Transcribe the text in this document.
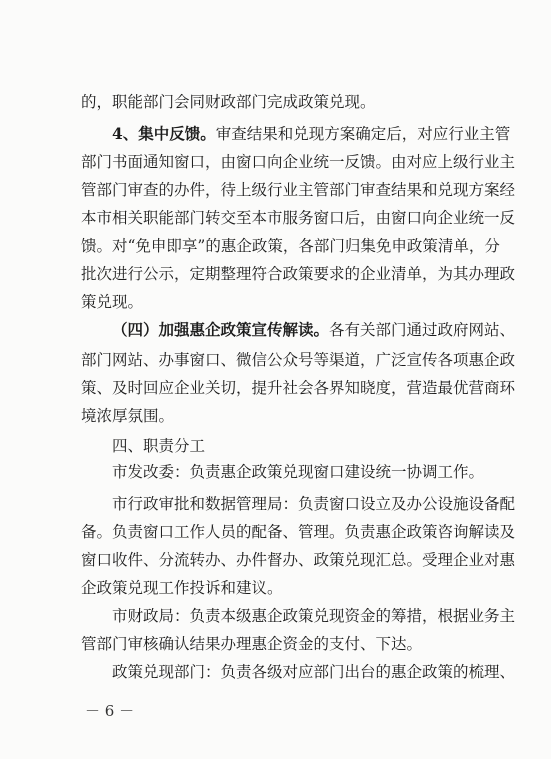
的，职能部门会同财政部门完成政策兑现。
4、集中反馈。审查结果和兑现方案确定后，对应行业主管
部门书面通知窗口，由窗口向企业统一反馈。由对应上级行业主
管部门审查的办件，待上级行业主管部门审查结果和兑现方案经
本市相关职能部门转交至本市服务窗口后，由窗口向企业统一反
馈。对“免申即享”的惠企政策，各部门归集免申政策清单，分
批次进行公示，定期整理符合政策要求的企业清单，为其办理政
策兑现。
（四）加强惠企政策宣传解读。各有关部门通过政府网站、
部门网站、办事窗口、微信公众号等渠道，广泛宣传各项惠企政
策、及时回应企业关切，提升社会各界知晓度，营造最优营商环
境浓厚氛围。
四、职责分工
市发改委：负责惠企政策兑现窗口建设统一协调工作。
市行政审批和数据管理局：负责窗口设立及办公设施设备配
备。负责窗口工作人员的配备、管理。负责惠企政策咨询解读及
窗口收件、分流转办、办件督办、政策兑现汇总。受理企业对惠
企政策兑现工作投诉和建议。
－ 6 －
市财政局：负责本级惠企政策兑现资金的筹措，根据业务主
管部门审核确认结果办理惠企资金的支付、下达。
政策兑现部门：负责各级对应部门出台的惠企政策的梳理、
